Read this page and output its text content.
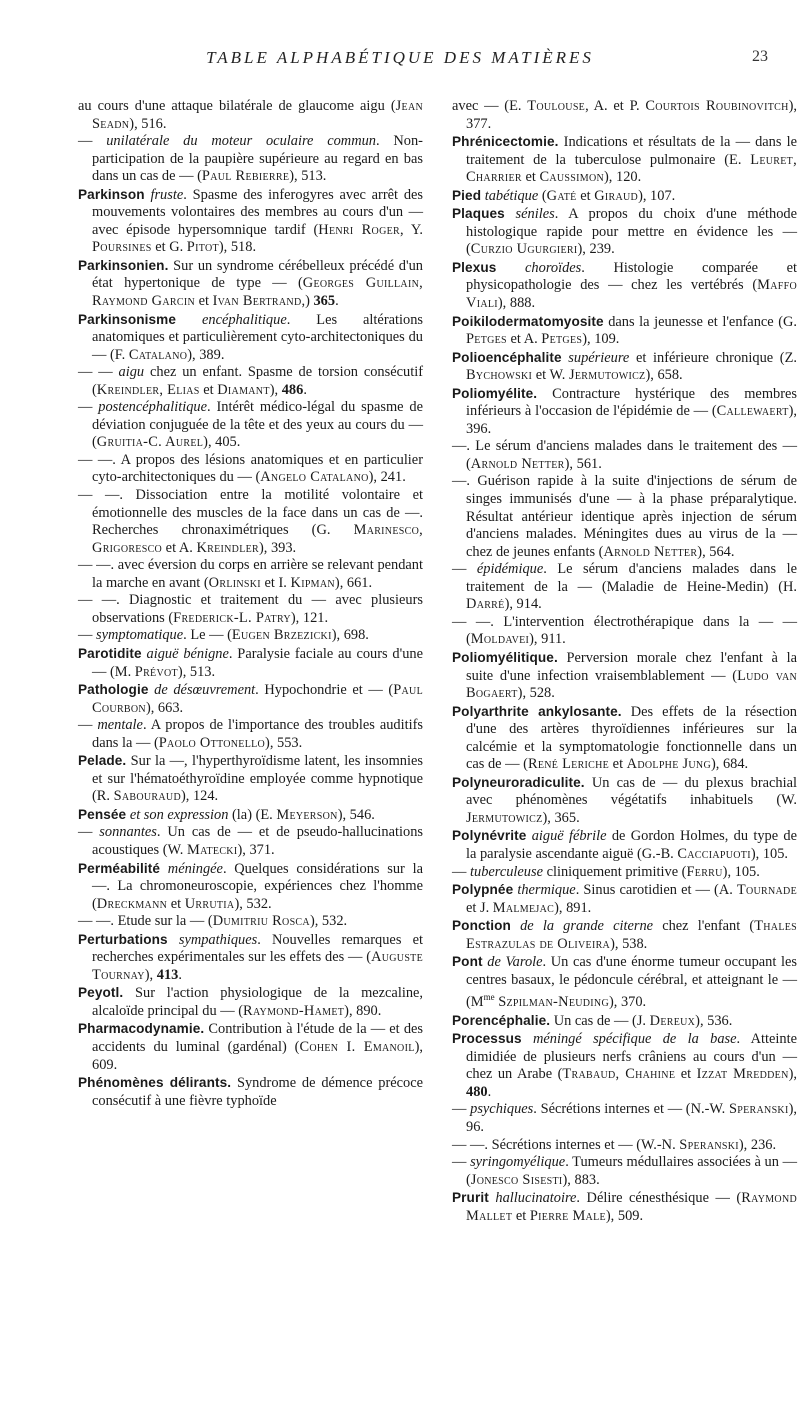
TABLE ALPHABÉTIQUE DES MATIÈRES	23

au cours d'une attaque bilatérale de glaucome aigu (Jean Seadn), 516.

— unilatérale du moteur oculaire commun. Non-participation de la paupière supérieure au regard en bas dans un cas de — (Paul Rebierre), 513.

Parkinson fruste. Spasme des inferogyres avec arrêt des mouvements volontaires des membres au cours d'un — avec épisode hypersomnique tardif (Henri Roger, Y. Poursines et G. Pitot), 518.

Parkinsonien. Sur un syndrome cérébelleux précédé d'un état hypertonique de type — (Georges Guillain, Raymond Garcin et Ivan Bertrand,) 365.

Parkinsonisme encéphalitique. Les altérations anatomiques et particulièrement cyto-architectoniques du — (F. Catalano), 389.

— — aigu chez un enfant. Spasme de torsion consécutif (Kreindler, Elias et Diamant), 486.

— postencéphalitique. Intérêt médico-légal du spasme de déviation conjuguée de la tête et des yeux au cours du — (Gruitia-C. Aurel), 405.

— —. A propos des lésions anatomiques et en particulier cyto-architectoniques du — (Angelo Catalano), 241.

— —. Dissociation entre la motilité volontaire et émotionnelle des muscles de la face dans un cas de —. Recherches chronaximétriques (G. Marinesco, Grigoresco et A. Kreindler), 393.

— —. avec éversion du corps en arrière se relevant pendant la marche en avant (Orlinski et I. Kipman), 661.

— —. Diagnostic et traitement du — avec plusieurs observations (Frederick-L. Patry), 121.

— symptomatique. Le — (Eugen Brzezicki), 698.

Parotidite aiguë bénigne. Paralysie faciale au cours d'une — (M. Prévot), 513.

Pathologie de désœuvrement. Hypochondrie et — (Paul Courbon), 663.

— mentale. A propos de l'importance des troubles auditifs dans la — (Paolo Ottonello), 553.

Pelade. Sur la —, l'hyperthyroïdisme latent, les insomnies et sur l'hématoéthyroïdine employée comme hypnotique (R. Sabouraud), 124.

Pensée et son expression (la) (E. Meyerson), 546.

— sonnantes. Un cas de — et de pseudo-hallucinations acoustiques (W. Matecki), 371.

Perméabilité méningée. Quelques considérations sur la —. La chromoneuroscopie, expériences chez l'homme (Dreckmann et Urrutia), 532.

— —. Etude sur la — (Dumitriu Rosca), 532.

Perturbations sympathiques. Nouvelles remarques et recherches expérimentales sur les effets des — (Auguste Tournay), 413.

Peyotl. Sur l'action physiologique de la mezcaline, alcaloïde principal du — (Raymond-Hamet), 890.

Pharmacodynamie. Contribution à l'étude de la — et des accidents du luminal (gardénal) (Cohen I. Emanoil), 609.

Phénomènes délirants. Syndrome de démence précoce consécutif à une fièvre typhoïde

avec — (E. Toulouse, A. et P. Courtois Roubinovitch), 377.

Phrénicectomie. Indications et résultats de la — dans le traitement de la tuberculose pulmonaire (E. Leuret, Charrier et Caussimon), 120.

Pied tabétique (Gaté et Giraud), 107.

Plaques séniles. A propos du choix d'une méthode histologique rapide pour mettre en évidence les — (Curzio Ugurgieri), 239.

Plexus choroïdes. Histologie comparée et physicopathologie des — chez les vertébrés (Maffo Viali), 888.

Poikilodermatomyosite dans la jeunesse et l'enfance (G. Petges et A. Petges), 109.

Polioencéphalite supérieure et inférieure chronique (Z. Bychowski et W. Jermutowicz), 658.

Poliomyélite. Contracture hystérique des membres inférieurs à l'occasion de l'épidémie de — (Callewaert), 396.

—. Le sérum d'anciens malades dans le traitement des — (Arnold Netter), 561.

—. Guérison rapide à la suite d'injections de sérum de singes immunisés d'une — à la phase préparalytique. Résultat antérieur identique après injection de sérum d'anciens malades. Méningites dues au virus de la — chez de jeunes enfants (Arnold Netter), 564.

— épidémique. Le sérum d'anciens malades dans le traitement de la — (Maladie de Heine-Medin) (H. Darré), 914.

— —. L'intervention électrothérapique dans la — — (Moldavei), 911.

Poliomyélitique. Perversion morale chez l'enfant à la suite d'une infection vraisemblablement — (Ludo van Bogaert), 528.

Polyarthrite ankylosante. Des effets de la résection d'une des artères thyroïdiennes inférieures sur la calcémie et la symptomatologie fonctionnelle dans un cas de — (René Leriche et Adolphe Jung), 684.

Polyneuroradiculite. Un cas de — du plexus brachial avec phénomènes végétatifs inhabituels (W. Jermutowicz), 365.

Polynévrite aiguë fébrile de Gordon Holmes, du type de la paralysie ascendante aiguë (G.-B. Cacciapuoti), 105.

— tuberculeuse cliniquement primitive (Ferru), 105.

Polypnée thermique. Sinus carotidien et — (A. Tournade et J. Malmejac), 891.

Ponction de la grande citerne chez l'enfant (Thales Estrazulas de Oliveira), 538.

Pont de Varole. Un cas d'une énorme tumeur occupant les centres basaux, le pédoncule cérébral, et atteignant le — ($M^{me}$ Szpilman-Neuding), 370.

Porencéphalie. Un cas de — (J. Dereux), 536.

Processus méningé spécifique de la base. Atteinte dimidiée de plusieurs nerfs crâniens au cours d'un — chez un Arabe (Trabaud, Chahine et Izzat Mredden), 480.

— psychiques. Sécrétions internes et — (N.-W. Speranski), 96.

— —. Sécrétions internes et — (W.-N. Speranski), 236.

— syringomyélique. Tumeurs médullaires associées à un — (Jonesco Sisesti), 883.

Prurit hallucinatoire. Délire cénesthésique — (Raymond Mallet et Pierre Male), 509.
